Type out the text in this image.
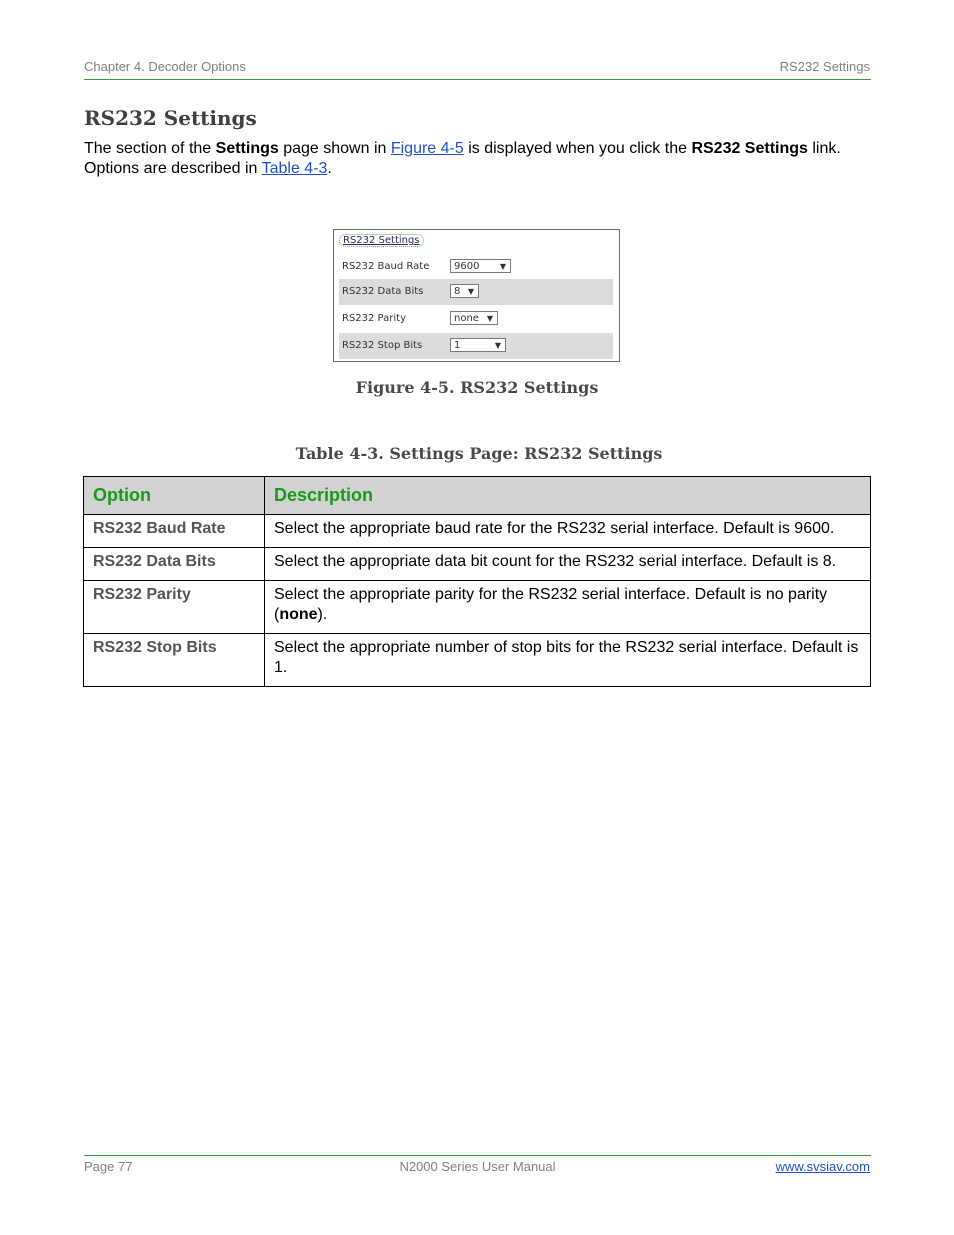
Chapter 4. Decoder Options	RS232 Settings
RS232 Settings

The section of the Settings page shown in Figure 4-5 is displayed when you click the RS232 Settings link.
Options are described in Table 4-3.

RS232 Settings
RS232 Baud Rate	9600	▼
RS232 Data Bits	8 ▼
RS232 Parity	none ▼
RS232 Stop Bits	1	▼

Figure 4-5. RS232 Settings

Table 4-3. Settings Page: RS232 Settings

Option	Description
RS232 Baud Rate	Select the appropriate baud rate for the RS232 serial interface. Default is 9600.
RS232 Data Bits	Select the appropriate data bit count for the RS232 serial interface. Default is 8.
RS232 Parity	Select the appropriate parity for the RS232 serial interface. Default is no parity (none).
RS232 Stop Bits	Select the appropriate number of stop bits for the RS232 serial interface. Default is 1.
Page 77	N2000 Series User Manual	www.svsiav.com
